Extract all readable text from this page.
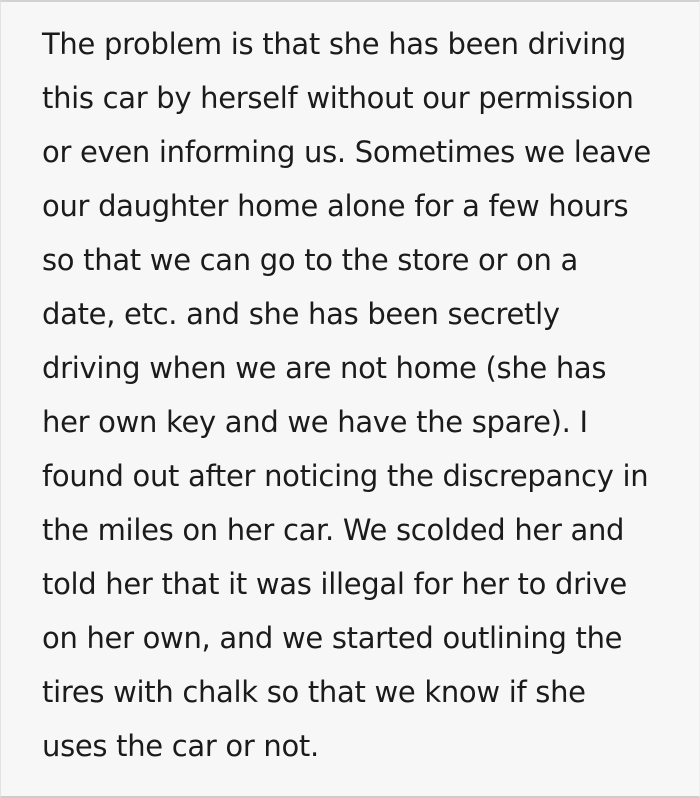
The problem is that she has been driving
this car by herself without our permission
or even informing us. Sometimes we leave
our daughter home alone for a few hours
so that we can go to the store or on a
date, etc. and she has been secretly
driving when we are not home (she has
her own key and we have the spare). I
found out after noticing the discrepancy in
the miles on her car. We scolded her and
told her that it was illegal for her to drive
on her own, and we started outlining the
tires with chalk so that we know if she
uses the car or not.
